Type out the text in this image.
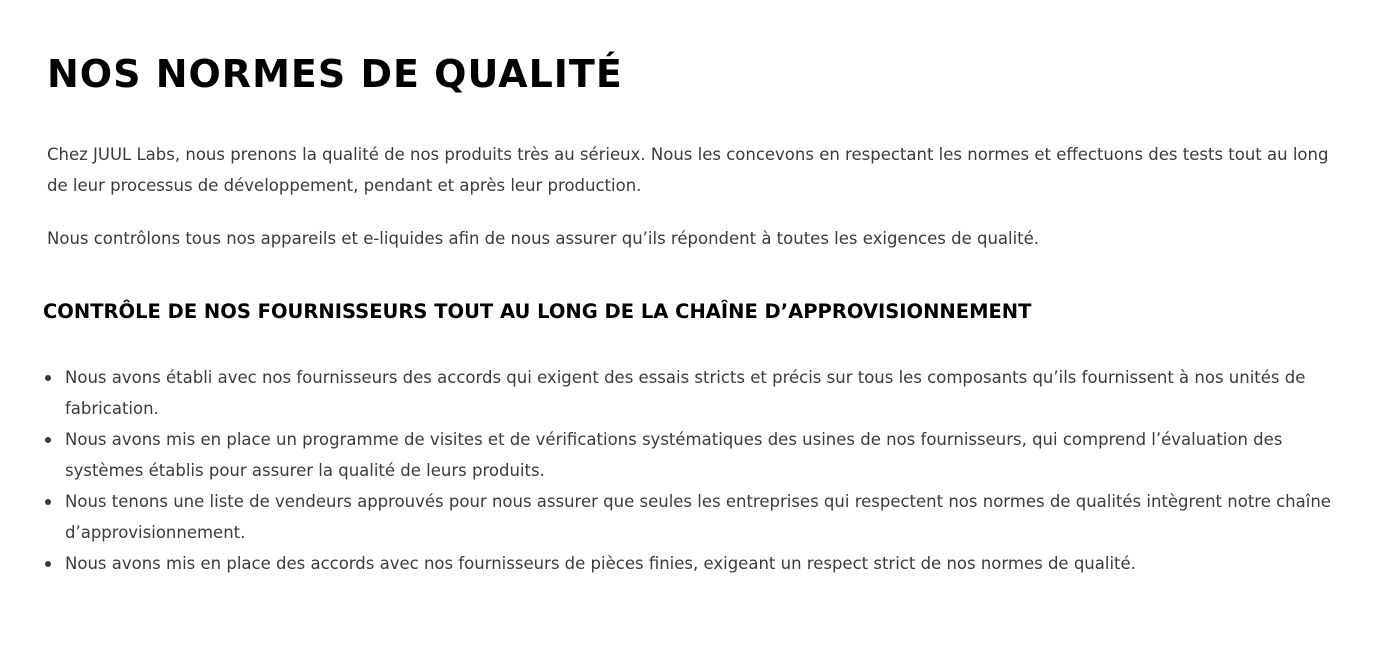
NOS NORMES DE QUALITÉ

Chez JUUL Labs, nous prenons la qualité de nos produits très au sérieux. Nous les concevons en respectant les normes et effectuons des tests tout au long de leur processus de développement, pendant et après leur production.

Nous contrôlons tous nos appareils et e-liquides afin de nous assurer qu’ils répondent à toutes les exigences de qualité.

CONTRÔLE DE NOS FOURNISSEURS TOUT AU LONG DE LA CHAÎNE D’APPROVISIONNEMENT
Nous avons établi avec nos fournisseurs des accords qui exigent des essais stricts et précis sur tous les composants qu’ils fournissent à nos unités de fabrication.
Nous avons mis en place un programme de visites et de vérifications systématiques des usines de nos fournisseurs, qui comprend l’évaluation des systèmes établis pour assurer la qualité de leurs produits.
Nous tenons une liste de vendeurs approuvés pour nous assurer que seules les entreprises qui respectent nos normes de qualités intègrent notre chaîne d’approvisionnement.
Nous avons mis en place des accords avec nos fournisseurs de pièces finies, exigeant un respect strict de nos normes de qualité.
